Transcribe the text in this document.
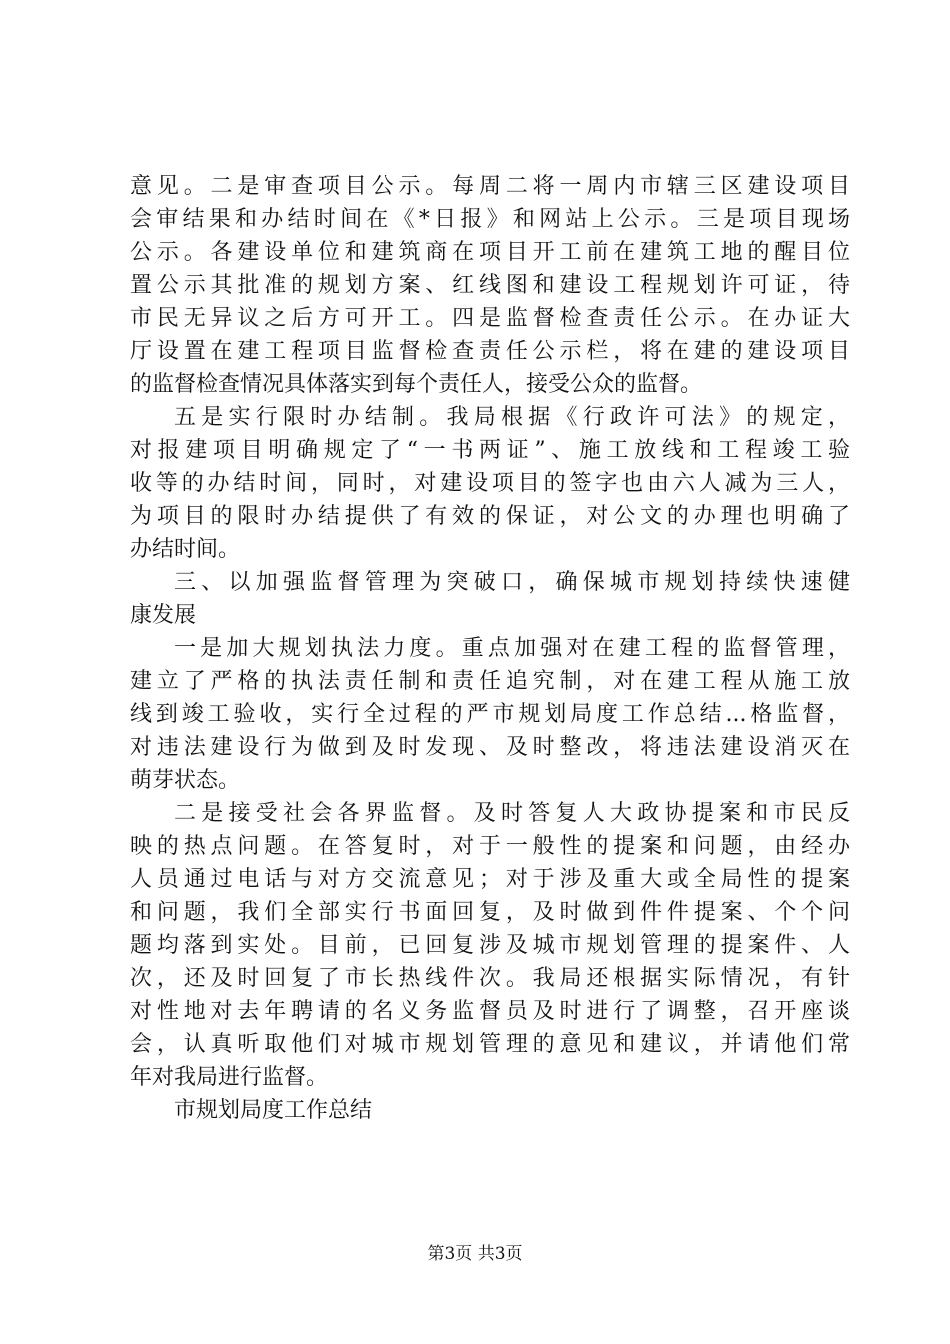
意见。二是审查项目公示。每周二将一周内市辖三区建设项目
会审结果和办结时间在《*日报》和网站上公示。三是项目现场
公示。各建设单位和建筑商在项目开工前在建筑工地的醒目位
置公示其批准的规划方案、红线图和建设工程规划许可证，待
市民无异议之后方可开工。四是监督检查责任公示。在办证大
厅设置在建工程项目监督检查责任公示栏，将在建的建设项目
的监督检查情况具体落实到每个责任人，接受公众的监督。
五是实行限时办结制。我局根据《行政许可法》的规定，
对报建项目明确规定了“一书两证”、施工放线和工程竣工验
收等的办结时间，同时，对建设项目的签字也由六人减为三人，
为项目的限时办结提供了有效的保证，对公文的办理也明确了
办结时间。
三、以加强监督管理为突破口，确保城市规划持续快速健
康发展
一是加大规划执法力度。重点加强对在建工程的监督管理，
建立了严格的执法责任制和责任追究制，对在建工程从施工放
线到竣工验收，实行全过程的严市规划局度工作总结...格监督，
对违法建设行为做到及时发现、及时整改，将违法建设消灭在
萌芽状态。
二是接受社会各界监督。及时答复人大政协提案和市民反
映的热点问题。在答复时，对于一般性的提案和问题，由经办
人员通过电话与对方交流意见；对于涉及重大或全局性的提案
和问题，我们全部实行书面回复，及时做到件件提案、个个问
题均落到实处。目前，已回复涉及城市规划管理的提案件、人
次，还及时回复了市长热线件次。我局还根据实际情况，有针
对性地对去年聘请的名义务监督员及时进行了调整，召开座谈
会，认真听取他们对城市规划管理的意见和建议，并请他们常
年对我局进行监督。
市规划局度工作总结
第3页 共3页
